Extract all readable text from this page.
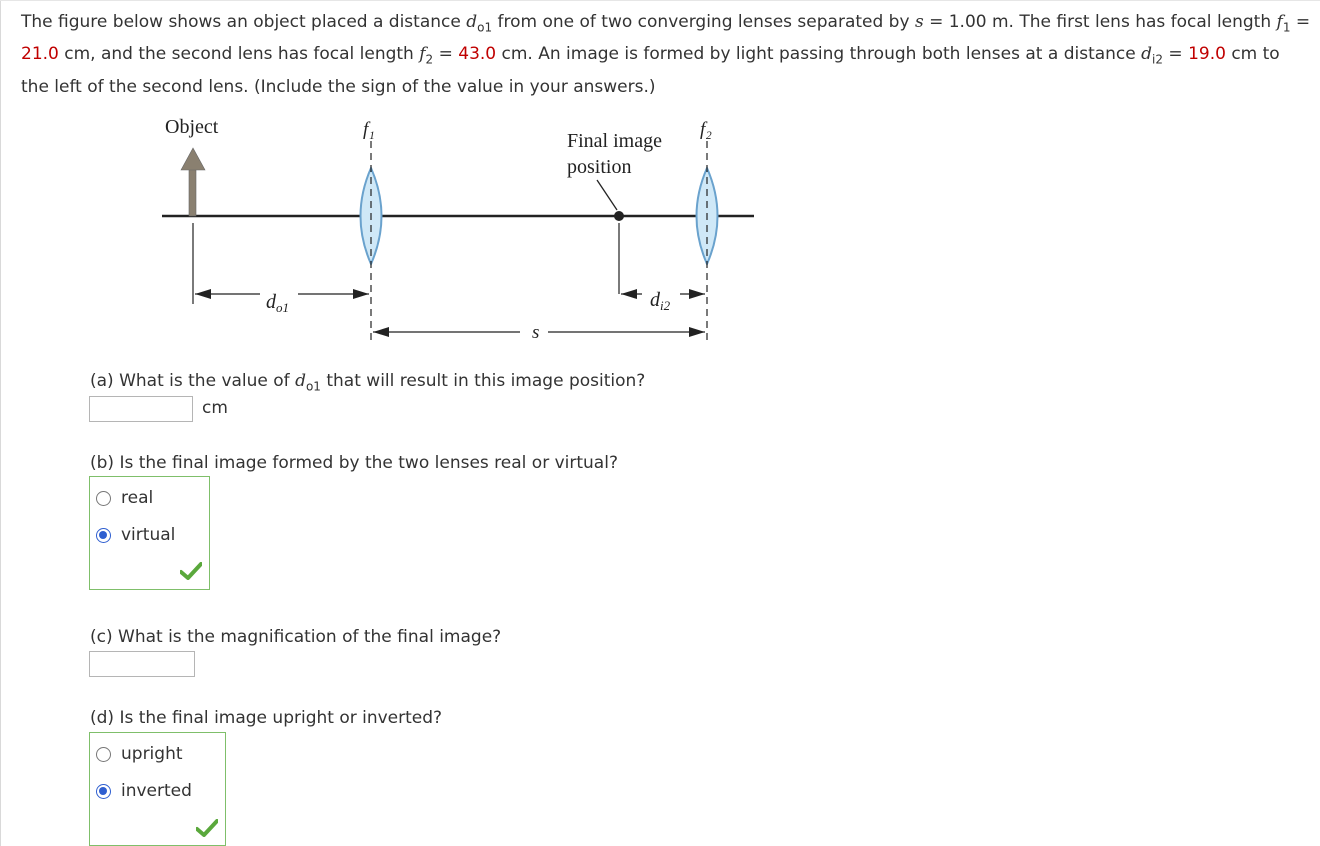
The figure below shows an object placed a distance $d_{o1}$ from one of two converging lenses separated by s = 1.00 m. The first lens has focal length $f_1 = 21.0$ cm, and the second lens has focal length $f_2 = 43.0$ cm. An image is formed by light passing through both lenses at a distance $d_{i2} = 19.0$ cm to the left of the second lens. (Include the sign of the value in your answers.)

Object	f₁	f₂
Final image
position
$d_{o1}$	$d_{i2}$
s

(a) What is the value of $d_{o1}$ that will result in this image position?

cm

(b) Is the final image formed by the two lenses real or virtual?

real
virtual

(c) What is the magnification of the final image?

(d) Is the final image upright or inverted?

upright
inverted
